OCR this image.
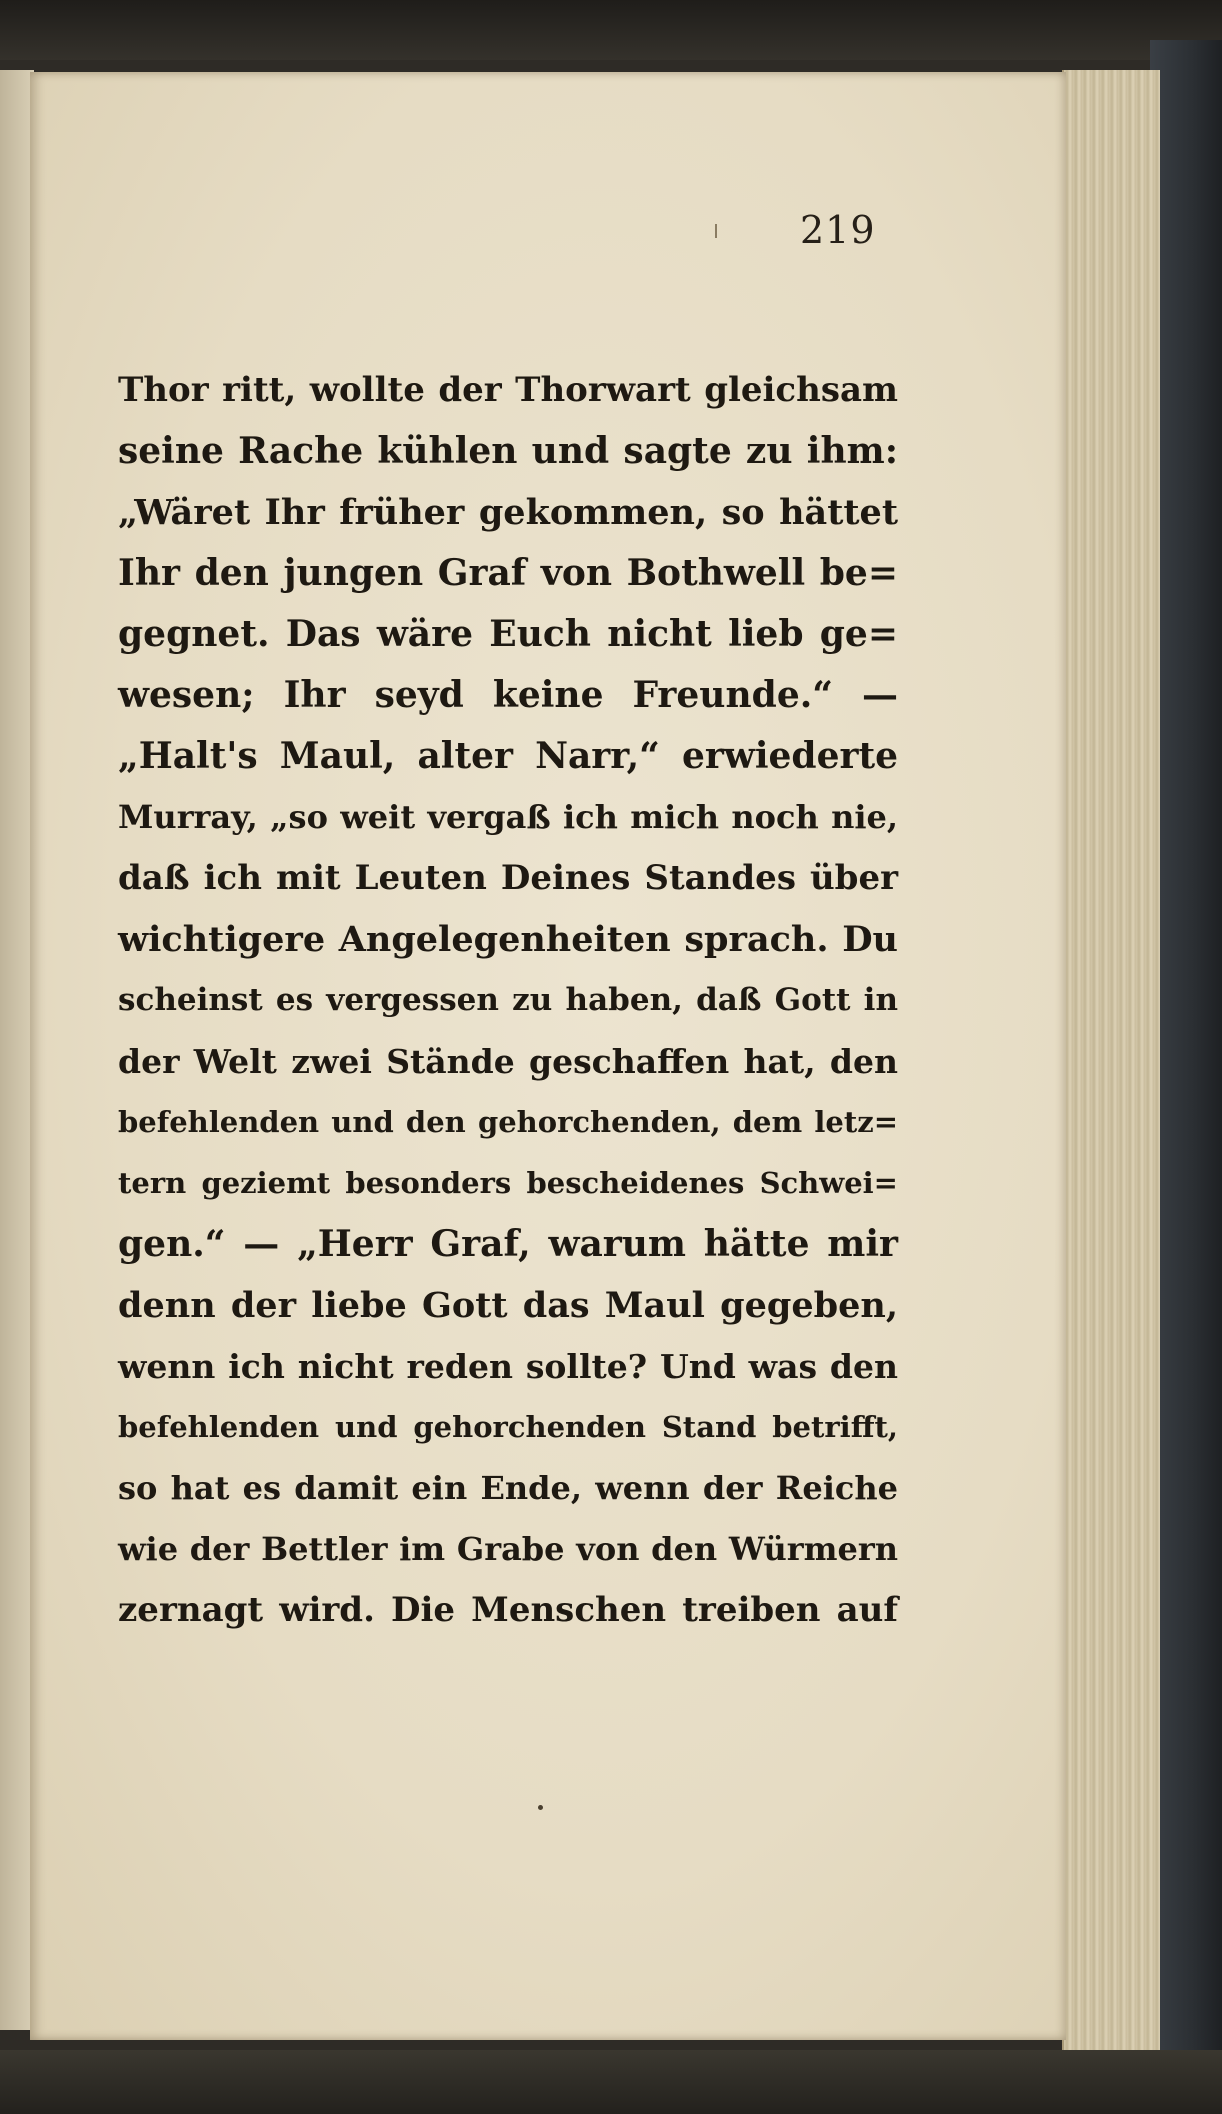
219
Thor ritt, wollte der Thorwart gleichsam
seine Rache kühlen und sagte zu ihm:
„Wäret Ihr früher gekommen, so hättet
Ihr den jungen Graf von Bothwell be=
gegnet. Das wäre Euch nicht lieb ge=
wesen; Ihr seyd keine Freunde.“ —
„Halt's Maul, alter Narr,“ erwiederte
Murray, „so weit vergaß ich mich noch nie,
daß ich mit Leuten Deines Standes über
wichtigere Angelegenheiten sprach. Du
scheinst es vergessen zu haben, daß Gott in
der Welt zwei Stände geschaffen hat, den
befehlenden und den gehorchenden, dem letz=
tern geziemt besonders bescheidenes Schwei=
gen.“ — „Herr Graf, warum hätte mir
denn der liebe Gott das Maul gegeben,
wenn ich nicht reden sollte? Und was den
befehlenden und gehorchenden Stand betrifft,
so hat es damit ein Ende, wenn der Reiche
wie der Bettler im Grabe von den Würmern
zernagt wird. Die Menschen treiben auf
